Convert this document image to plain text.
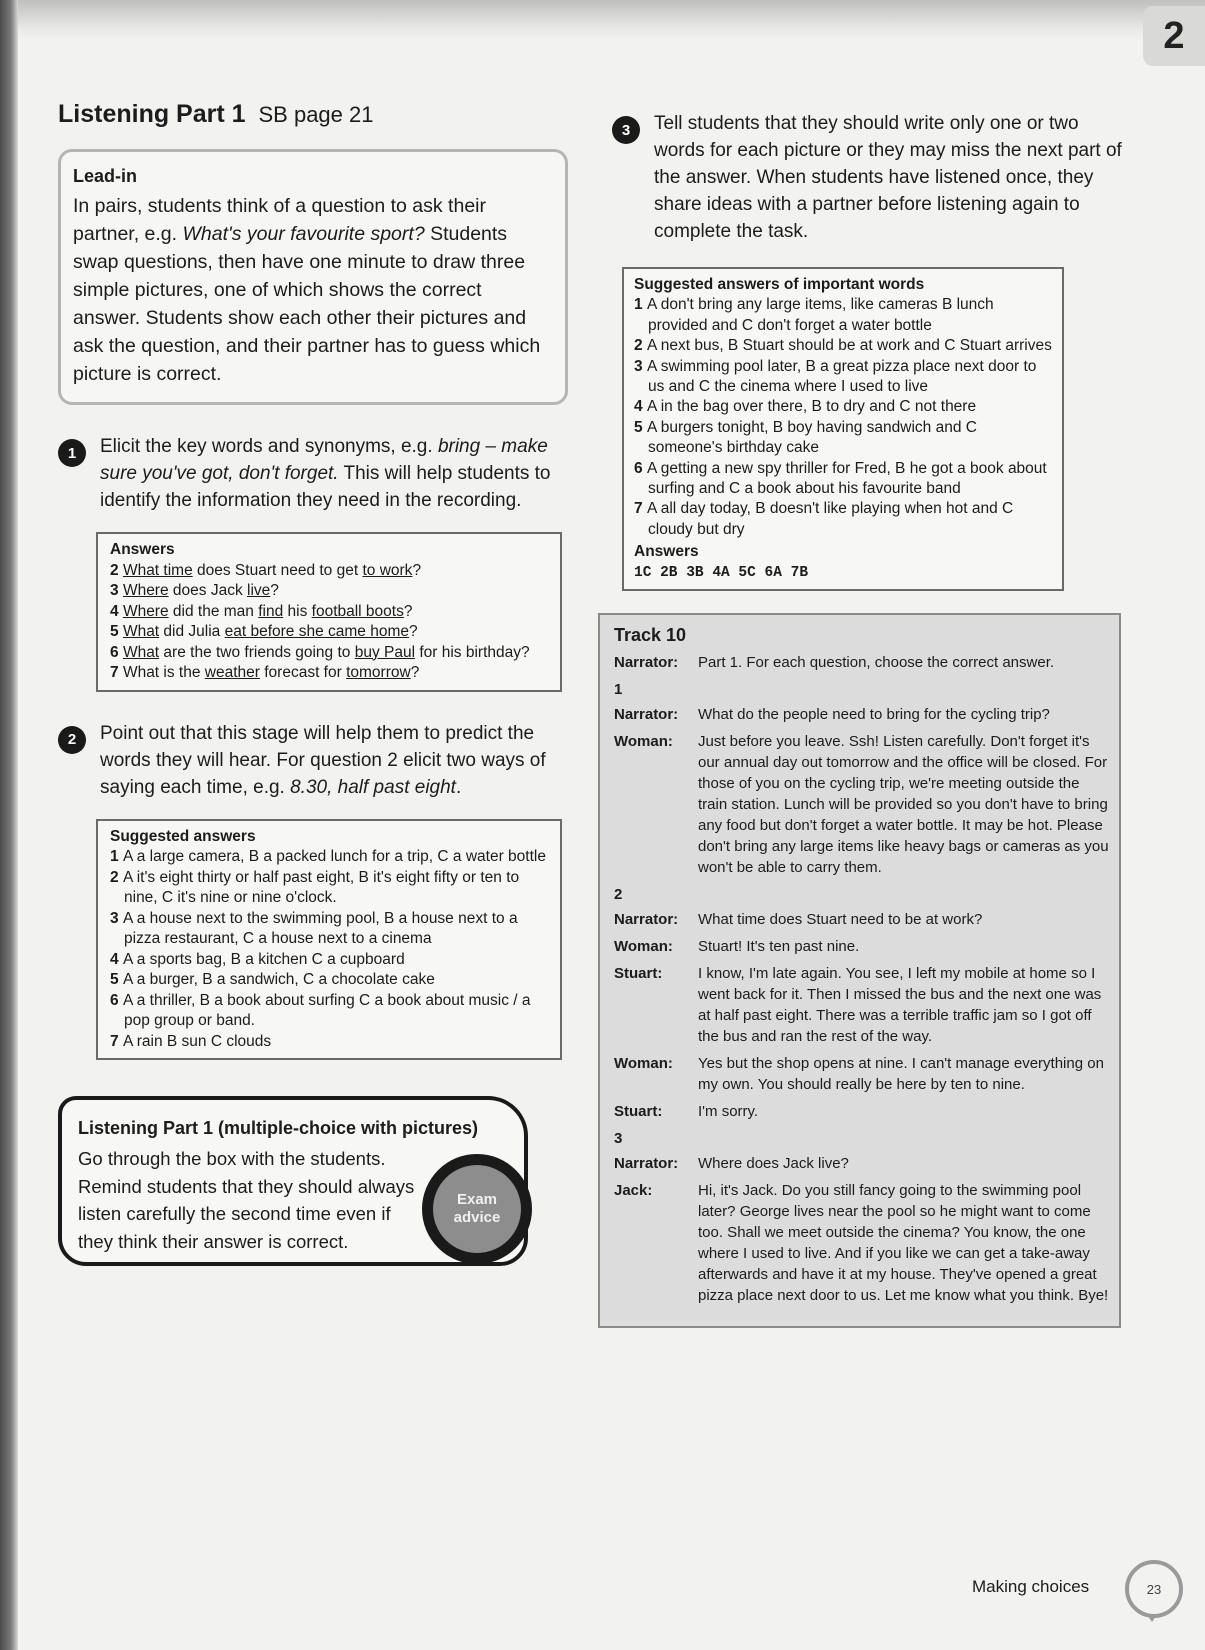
2
Listening Part 1 SB page 21
Lead-in
In pairs, students think of a question to ask their partner, e.g. What's your favourite sport? Students swap questions, then have one minute to draw three simple pictures, one of which shows the correct answer. Students show each other their pictures and ask the question, and their partner has to guess which picture is correct.
1	Elicit the key words and synonyms, e.g. bring – make sure you've got, don't forget. This will help students to identify the information they need in the recording.
Answers
2 What time does Stuart need to get to work?
3 Where does Jack live?
4 Where did the man find his football boots?
5 What did Julia eat before she came home?
6 What are the two friends going to buy Paul for his birthday?
7 What is the weather forecast for tomorrow?
2	Point out that this stage will help them to predict the words they will hear. For question 2 elicit two ways of saying each time, e.g. 8.30, half past eight.
Suggested answers
1 A a large camera, B a packed lunch for a trip, C a water bottle
2 A it's eight thirty or half past eight, B it's eight fifty or ten to nine, C it's nine or nine o'clock.
3 A a house next to the swimming pool, B a house next to a pizza restaurant, C a house next to a cinema
4 A a sports bag, B a kitchen C a cupboard
5 A a burger, B a sandwich, C a chocolate cake
6 A a thriller, B a book about surfing C a book about music / a pop group or band.
7 A rain B sun C clouds
Listening Part 1 (multiple-choice with pictures)
Go through the box with the students. Remind students that they should always listen carefully the second time even if they think their answer is correct.
Exam
advice
3	Tell students that they should write only one or two words for each picture or they may miss the next part of the answer. When students have listened once, they share ideas with a partner before listening again to complete the task.
Suggested answers of important words
1 A don't bring any large items, like cameras B lunch provided and C don't forget a water bottle
2 A next bus, B Stuart should be at work and C Stuart arrives
3 A swimming pool later, B a great pizza place next door to us and C the cinema where I used to live
4 A in the bag over there, B to dry and C not there
5 A burgers tonight, B boy having sandwich and C someone's birthday cake
6 A getting a new spy thriller for Fred, B he got a book about surfing and C a book about his favourite band
7 A all day today, B doesn't like playing when hot and C cloudy but dry
Answers
1C 2B 3B 4A 5C 6A 7B
Track 10
Narrator:	Part 1. For each question, choose the correct answer.
1
Narrator:	What do the people need to bring for the cycling trip?
Woman:	Just before you leave. Ssh! Listen carefully. Don't forget it's our annual day out tomorrow and the office will be closed. For those of you on the cycling trip, we're meeting outside the train station. Lunch will be provided so you don't have to bring any food but don't forget a water bottle. It may be hot. Please don't bring any large items like heavy bags or cameras as you won't be able to carry them.
2
Narrator:	What time does Stuart need to be at work?
Woman:	Stuart! It's ten past nine.
Stuart:	I know, I'm late again. You see, I left my mobile at home so I went back for it. Then I missed the bus and the next one was at half past eight. There was a terrible traffic jam so I got off the bus and ran the rest of the way.
Woman:	Yes but the shop opens at nine. I can't manage everything on my own. You should really be here by ten to nine.
Stuart:	I'm sorry.
3
Narrator:	Where does Jack live?
Jack:	Hi, it's Jack. Do you still fancy going to the swimming pool later? George lives near the pool so he might want to come too. Shall we meet outside the cinema? You know, the one where I used to live. And if you like we can get a take-away afterwards and have it at my house. They've opened a great pizza place next door to us. Let me know what you think. Bye!
Making choices	23
